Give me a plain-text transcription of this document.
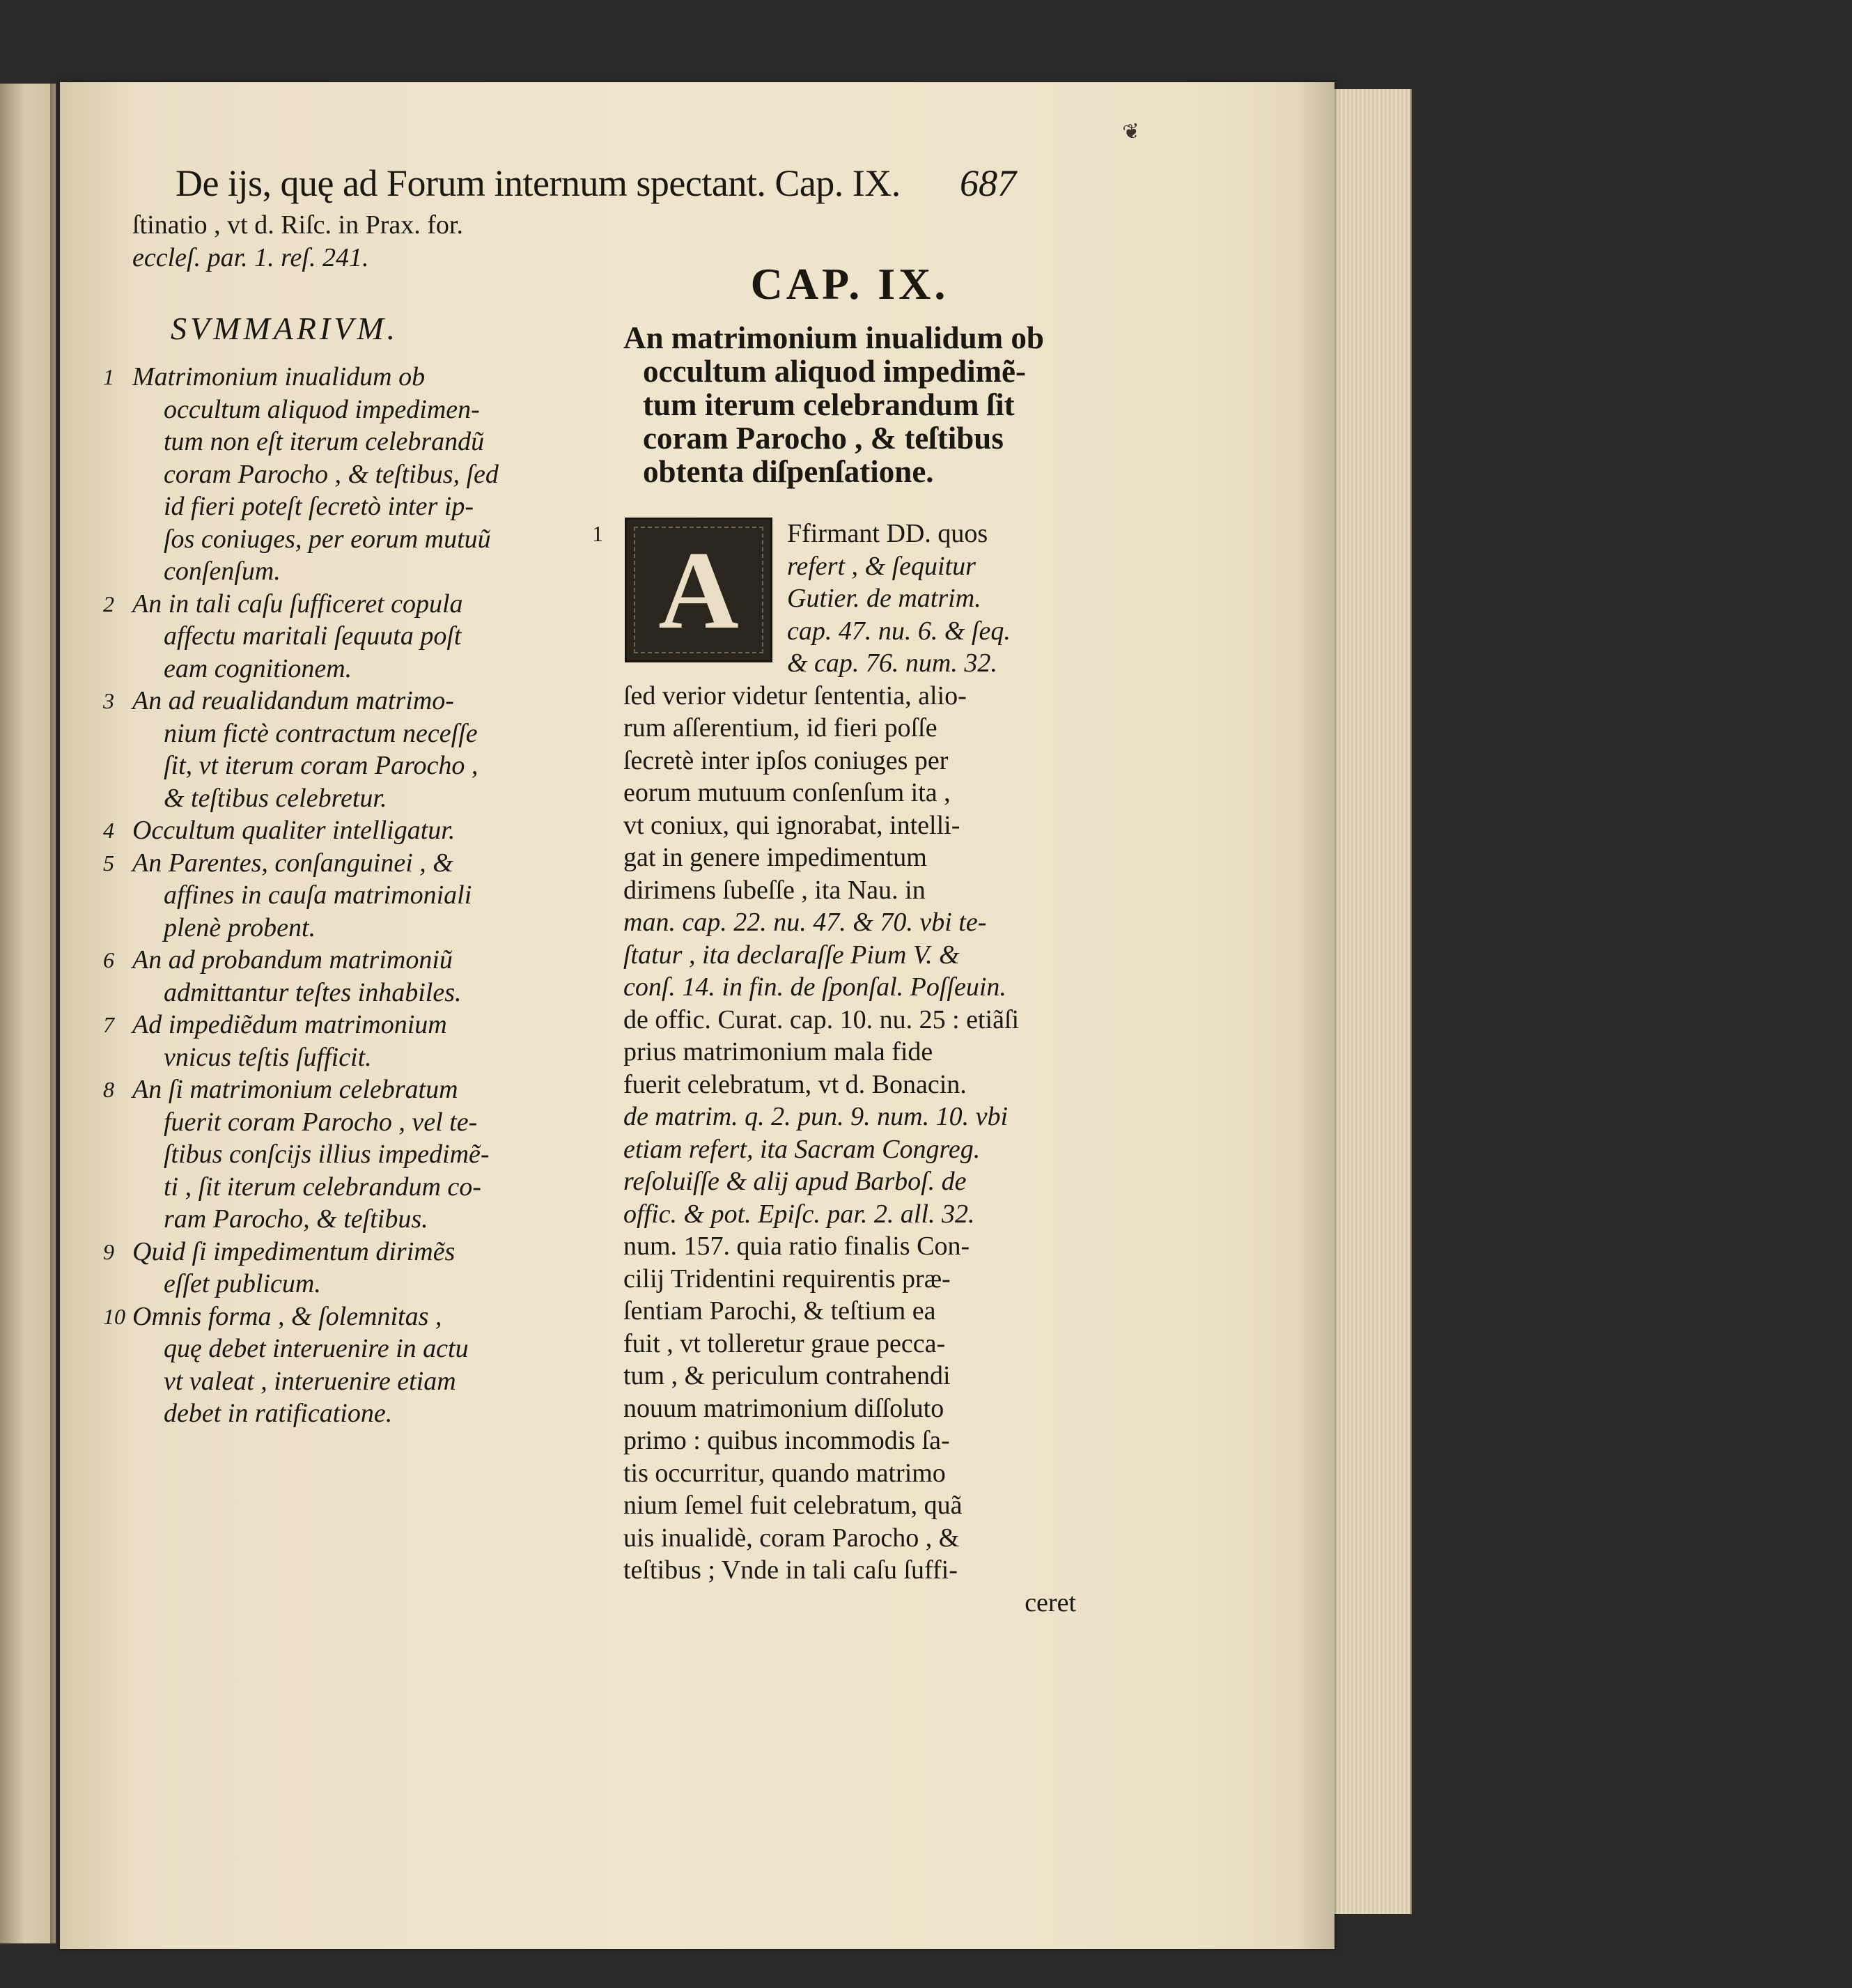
❦
De ijs, quę ad Forum internum spectant. Cap. IX. 687
ſtinatio , vt d. Riſc. in Prax. for.
eccleſ. par. 1. reſ. 241.
SVMMARIVM.
1 Matrimonium inualidum ob
occultum aliquod impedimen-
tum non eſt iterum celebrandũ
coram Parocho , & teſtibus, ſed
id fieri poteſt ſecretò inter ip-
ſos coniuges, per eorum mutuũ
conſenſum.
2 An in tali caſu ſufficeret copula
affectu maritali ſequuta poſt
eam cognitionem.
3 An ad reualidandum matrimo-
nium fictè contractum neceſſe
ſit, vt iterum coram Parocho ,
& teſtibus celebretur.
4 Occultum qualiter intelligatur.
5 An Parentes, conſanguinei , &
affines in cauſa matrimoniali
plenè probent.
6 An ad probandum matrimoniũ
admittantur teſtes inhabiles.
7 Ad impediẽdum matrimonium
vnicus teſtis ſufficit.
8 An ſi matrimonium celebratum
fuerit coram Parocho , vel te-
ſtibus conſcijs illius impedimẽ-
ti , ſit iterum celebrandum co-
ram Parocho, & teſtibus.
9 Quid ſi impedimentum dirimẽs
eſſet publicum.
10 Omnis forma , & ſolemnitas ,
quę debet interuenire in actu
vt valeat , interuenire etiam
debet in ratificatione.
CAP. IX.
An matrimonium inualidum ob
occultum aliquod impedimẽ-
tum iterum celebrandum ſit
coram Parocho , & teſtibus
obtenta diſpenſatione.
A
1	Ffirmant DD. quos
refert , & ſequitur
Gutier. de matrim.
cap. 47. nu. 6. & ſeq.
& cap. 76. num. 32.
ſed verior videtur ſententia, alio-
rum aſſerentium, id fieri poſſe
ſecretè inter ipſos coniuges per
eorum mutuum conſenſum ita ,
vt coniux, qui ignorabat, intelli-
gat in genere impedimentum
dirimens ſubeſſe , ita Nau. in
man. cap. 22. nu. 47. & 70. vbi te-
ſtatur , ita declaraſſe Pium V. &
conſ. 14. in fin. de ſponſal. Poſſeuin.
de offic. Curat. cap. 10. nu. 25 : etiãſi
prius matrimonium mala fide
fuerit celebratum, vt d. Bonacin.
de matrim. q. 2. pun. 9. num. 10. vbi
etiam refert, ita Sacram Congreg.
reſoluiſſe & alij apud Barboſ. de
offic. & pot. Epiſc. par. 2. all. 32.
num. 157. quia ratio finalis Con-
cilij Tridentini requirentis præ-
ſentiam Parochi, & teſtium ea
fuit , vt tolleretur graue pecca-
tum , & periculum contrahendi
nouum matrimonium diſſoluto
primo : quibus incommodis ſa-
tis occurritur, quando matrimo
nium ſemel fuit celebratum, quã
uis inualidè, coram Parocho , &
teſtibus ; Vnde in tali caſu ſuffi-
ceret
